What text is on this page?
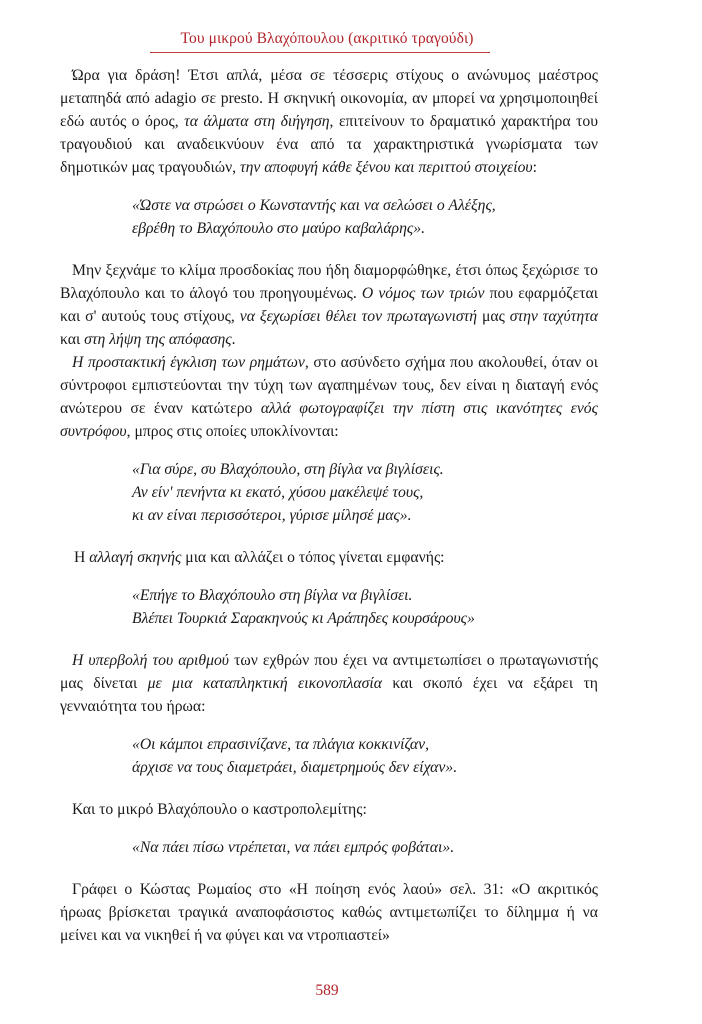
Του μικρού Βλαχόπουλου (ακριτικό τραγούδι)

Ώρα για δράση! Έτσι απλά, μέσα σε τέσσερις στίχους ο ανώνυμος μαέστρος μεταπηδά από adagio σε presto. Η σκηνική οικονομία, αν μπορεί να χρησιμοποιηθεί εδώ αυτός ο όρος, τα άλματα στη διήγηση, επιτείνουν το δραματικό χαρακτήρα του τραγουδιού και αναδεικνύουν ένα από τα χαρακτηριστικά γνωρίσματα των δημοτικών μας τραγουδιών, την αποφυγή κάθε ξένου και περιττού στοιχείου:

«Ώστε να στρώσει ο Κωνσταντής και να σελώσει ο Αλέξης,
εβρέθη το Βλαχόπουλο στο μαύρο καβαλάρης».

Μην ξεχνάμε το κλίμα προσδοκίας που ήδη διαμορφώθηκε, έτσι όπως ξεχώρισε το Βλαχόπουλο και το άλογό του προηγουμένως. Ο νόμος των τριών που εφαρμόζεται και σ' αυτούς τους στίχους, να ξεχωρίσει θέλει τον πρωταγωνιστή μας στην ταχύτητα και στη λήψη της απόφασης.

Η προστακτική έγκλιση των ρημάτων, στο ασύνδετο σχήμα που ακολουθεί, όταν οι σύντροφοι εμπιστεύονται την τύχη των αγαπημένων τους, δεν είναι η διαταγή ενός ανώτερου σε έναν κατώτερο αλλά φωτογραφίζει την πίστη στις ικανότητες ενός συντρόφου, μπρος στις οποίες υποκλίνονται:

«Για σύρε, συ Βλαχόπουλο, στη βίγλα να βιγλίσεις.
Αν είν' πενήντα κι εκατό, χύσου μακέλεψέ τους,
κι αν είναι περισσότεροι, γύρισε μίλησέ μας».

Η αλλαγή σκηνής μια και αλλάζει ο τόπος γίνεται εμφανής:

«Επήγε το Βλαχόπουλο στη βίγλα να βιγλίσει.
Βλέπει Τουρκιά Σαρακηνούς κι Αράπηδες κουρσάρους»

Η υπερβολή του αριθμού των εχθρών που έχει να αντιμετωπίσει ο πρωταγωνιστής μας δίνεται με μια καταπληκτική εικονοπλασία και σκοπό έχει να εξάρει τη γενναιότητα του ήρωα:

«Οι κάμποι επρασινίζανε, τα πλάγια κοκκινίζαν,
άρχισε να τους διαμετράει, διαμετρημούς δεν είχαν».

Και το μικρό Βλαχόπουλο ο καστροπολεμίτης:

«Να πάει πίσω ντρέπεται, να πάει εμπρός φοβάται».

Γράφει ο Κώστας Ρωμαίος στο «Η ποίηση ενός λαού» σελ. 31: «Ο ακριτικός ήρωας βρίσκεται τραγικά αναποφάσιστος καθώς αντιμετωπίζει το δίλημμα ή να μείνει και να νικηθεί ή να φύγει και να ντροπιαστεί»

589
